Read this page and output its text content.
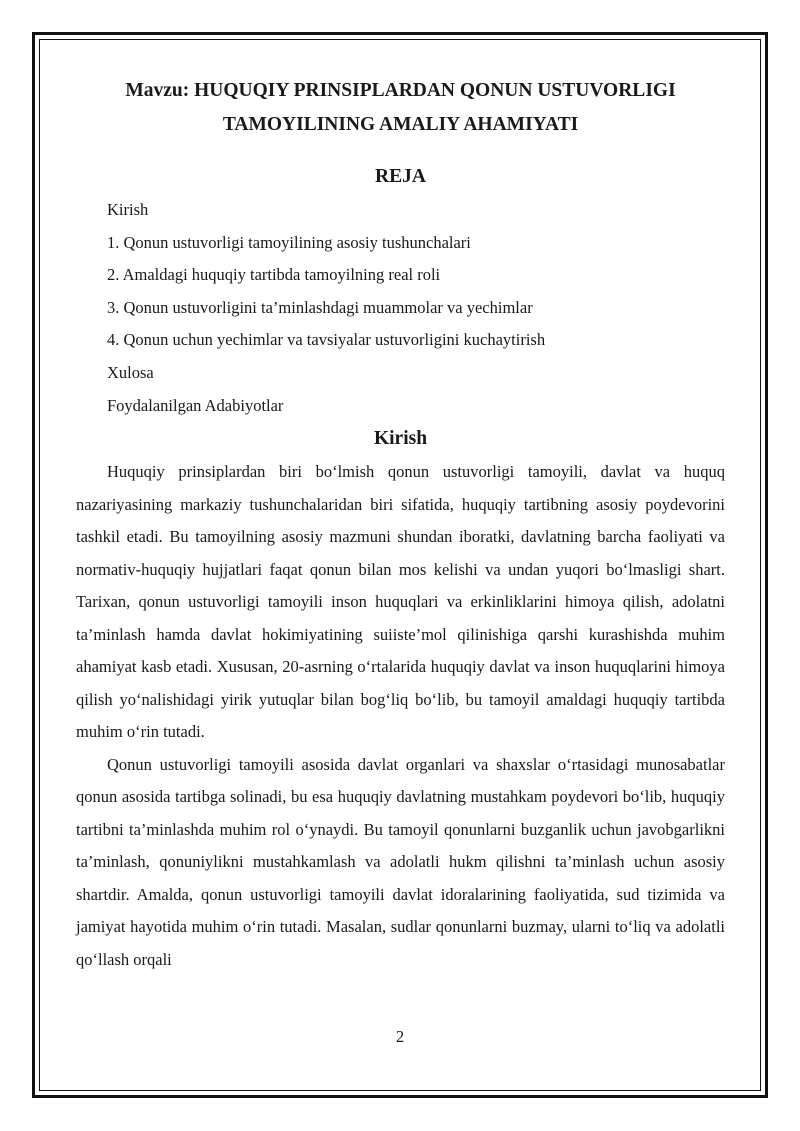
Mavzu: HUQUQIY PRINSIPLARDAN QONUN USTUVORLIGI
TAMOYILINING AMALIY AHAMIYATI
REJA
Kirish
1. Qonun ustuvorligi tamoyilining asosiy tushunchalari
2. Amaldagi huquqiy tartibda tamoyilning real roli
3. Qonun ustuvorligini ta’minlashdagi muammolar va yechimlar
4. Qonun uchun yechimlar va tavsiyalar ustuvorligini kuchaytirish
Xulosa
Foydalanilgan Adabiyotlar
Kirish

Huquqiy prinsiplardan biri bo‘lmish qonun ustuvorligi tamoyili, davlat va huquq nazariyasining markaziy tushunchalaridan biri sifatida, huquqiy tartibning asosiy poydevorini tashkil etadi. Bu tamoyilning asosiy mazmuni shundan iboratki, davlatning barcha faoliyati va normativ-huquqiy hujjatlari faqat qonun bilan mos kelishi va undan yuqori bo‘lmasligi shart. Tarixan, qonun ustuvorligi tamoyili inson huquqlari va erkinliklarini himoya qilish, adolatni ta’minlash hamda davlat hokimiyatining suiiste’mol qilinishiga qarshi kurashishda muhim ahamiyat kasb etadi. Xususan, 20-asrning o‘rtalarida huquqiy davlat va inson huquqlarini himoya qilish yo‘nalishidagi yirik yutuqlar bilan bog‘liq bo‘lib, bu tamoyil amaldagi huquqiy tartibda muhim o‘rin tutadi.

Qonun ustuvorligi tamoyili asosida davlat organlari va shaxslar o‘rtasidagi munosabatlar qonun asosida tartibga solinadi, bu esa huquqiy davlatning mustahkam poydevori bo‘lib, huquqiy tartibni ta’minlashda muhim rol o‘ynaydi. Bu tamoyil qonunlarni buzganlik uchun javobgarlikni ta’minlash, qonuniylikni mustahkamlash va adolatli hukm qilishni ta’minlash uchun asosiy shartdir. Amalda, qonun ustuvorligi tamoyili davlat idoralarining faoliyatida, sud tizimida va jamiyat hayotida muhim o‘rin tutadi. Masalan, sudlar qonunlarni buzmay, ularni to‘liq va adolatli qo‘llash orqali

2
